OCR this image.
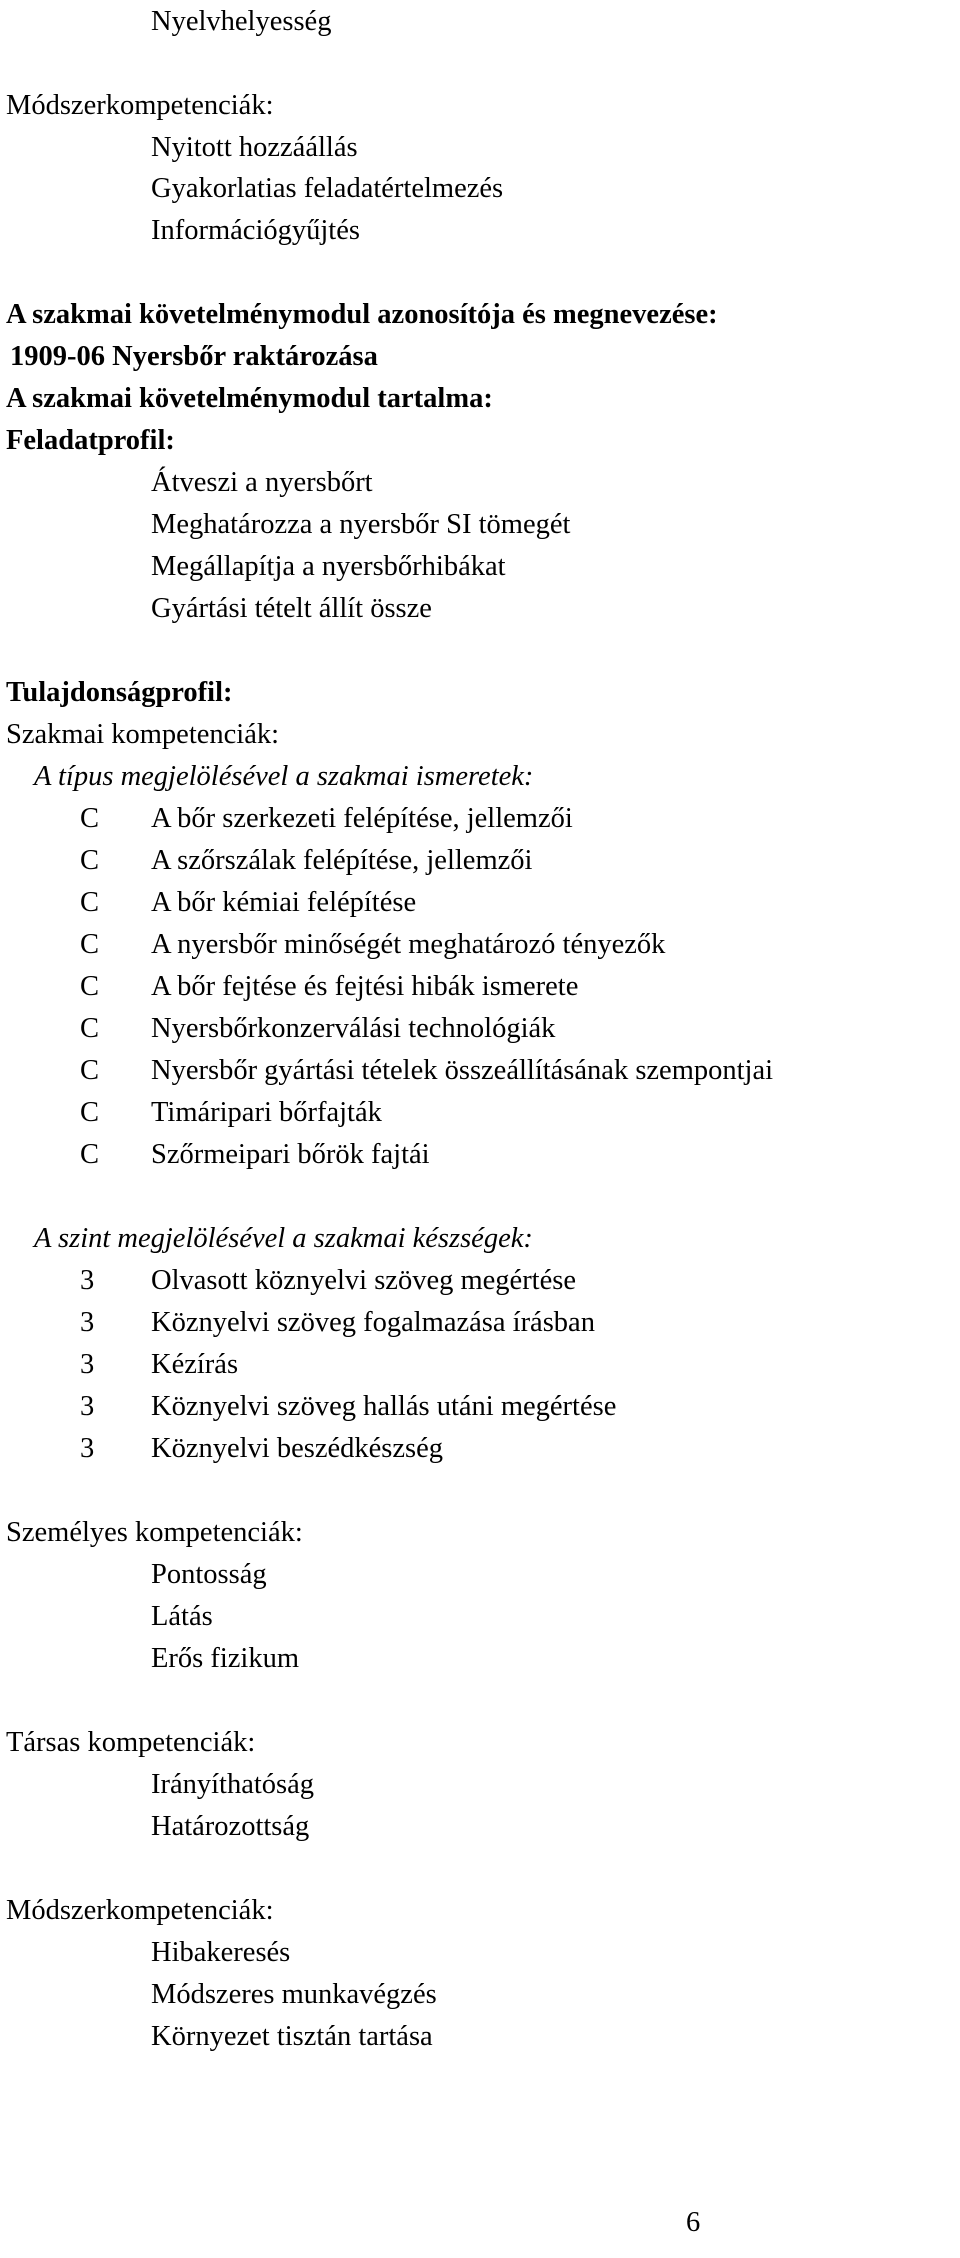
Nyelvhelyesség
Módszerkompetenciák:
Nyitott hozzáállás
Gyakorlatias feladatértelmezés
Információgyűjtés
A szakmai követelménymodul azonosítója és megnevezése:
1909-06 Nyersbőr raktározása
A szakmai követelménymodul tartalma:
Feladatprofil:
Átveszi a nyersbőrt
Meghatározza a nyersbőr SI tömegét
Megállapítja a nyersbőrhibákat
Gyártási tételt állít össze
Tulajdonságprofil:
Szakmai kompetenciák:
A típus megjelölésével a szakmai ismeretek:
C A bőr szerkezeti felépítése, jellemzői
C A szőrszálak felépítése, jellemzői
C A bőr kémiai felépítése
C A nyersbőr minőségét meghatározó tényezők
C A bőr fejtése és fejtési hibák ismerete
C Nyersbőrkonzerválási technológiák
C Nyersbőr gyártási tételek összeállításának szempontjai
C Timáripari bőrfajták
C Szőrmeipari bőrök fajtái
A szint megjelölésével a szakmai készségek:
3 Olvasott köznyelvi szöveg megértése
3 Köznyelvi szöveg fogalmazása írásban
3 Kézírás
3 Köznyelvi szöveg hallás utáni megértése
3 Köznyelvi beszédkészség
Személyes kompetenciák:
Pontosság
Látás
Erős fizikum
Társas kompetenciák:
Irányíthatóság
Határozottság
Módszerkompetenciák:
Hibakeresés
Módszeres munkavégzés
Környezet tisztán tartása
6
